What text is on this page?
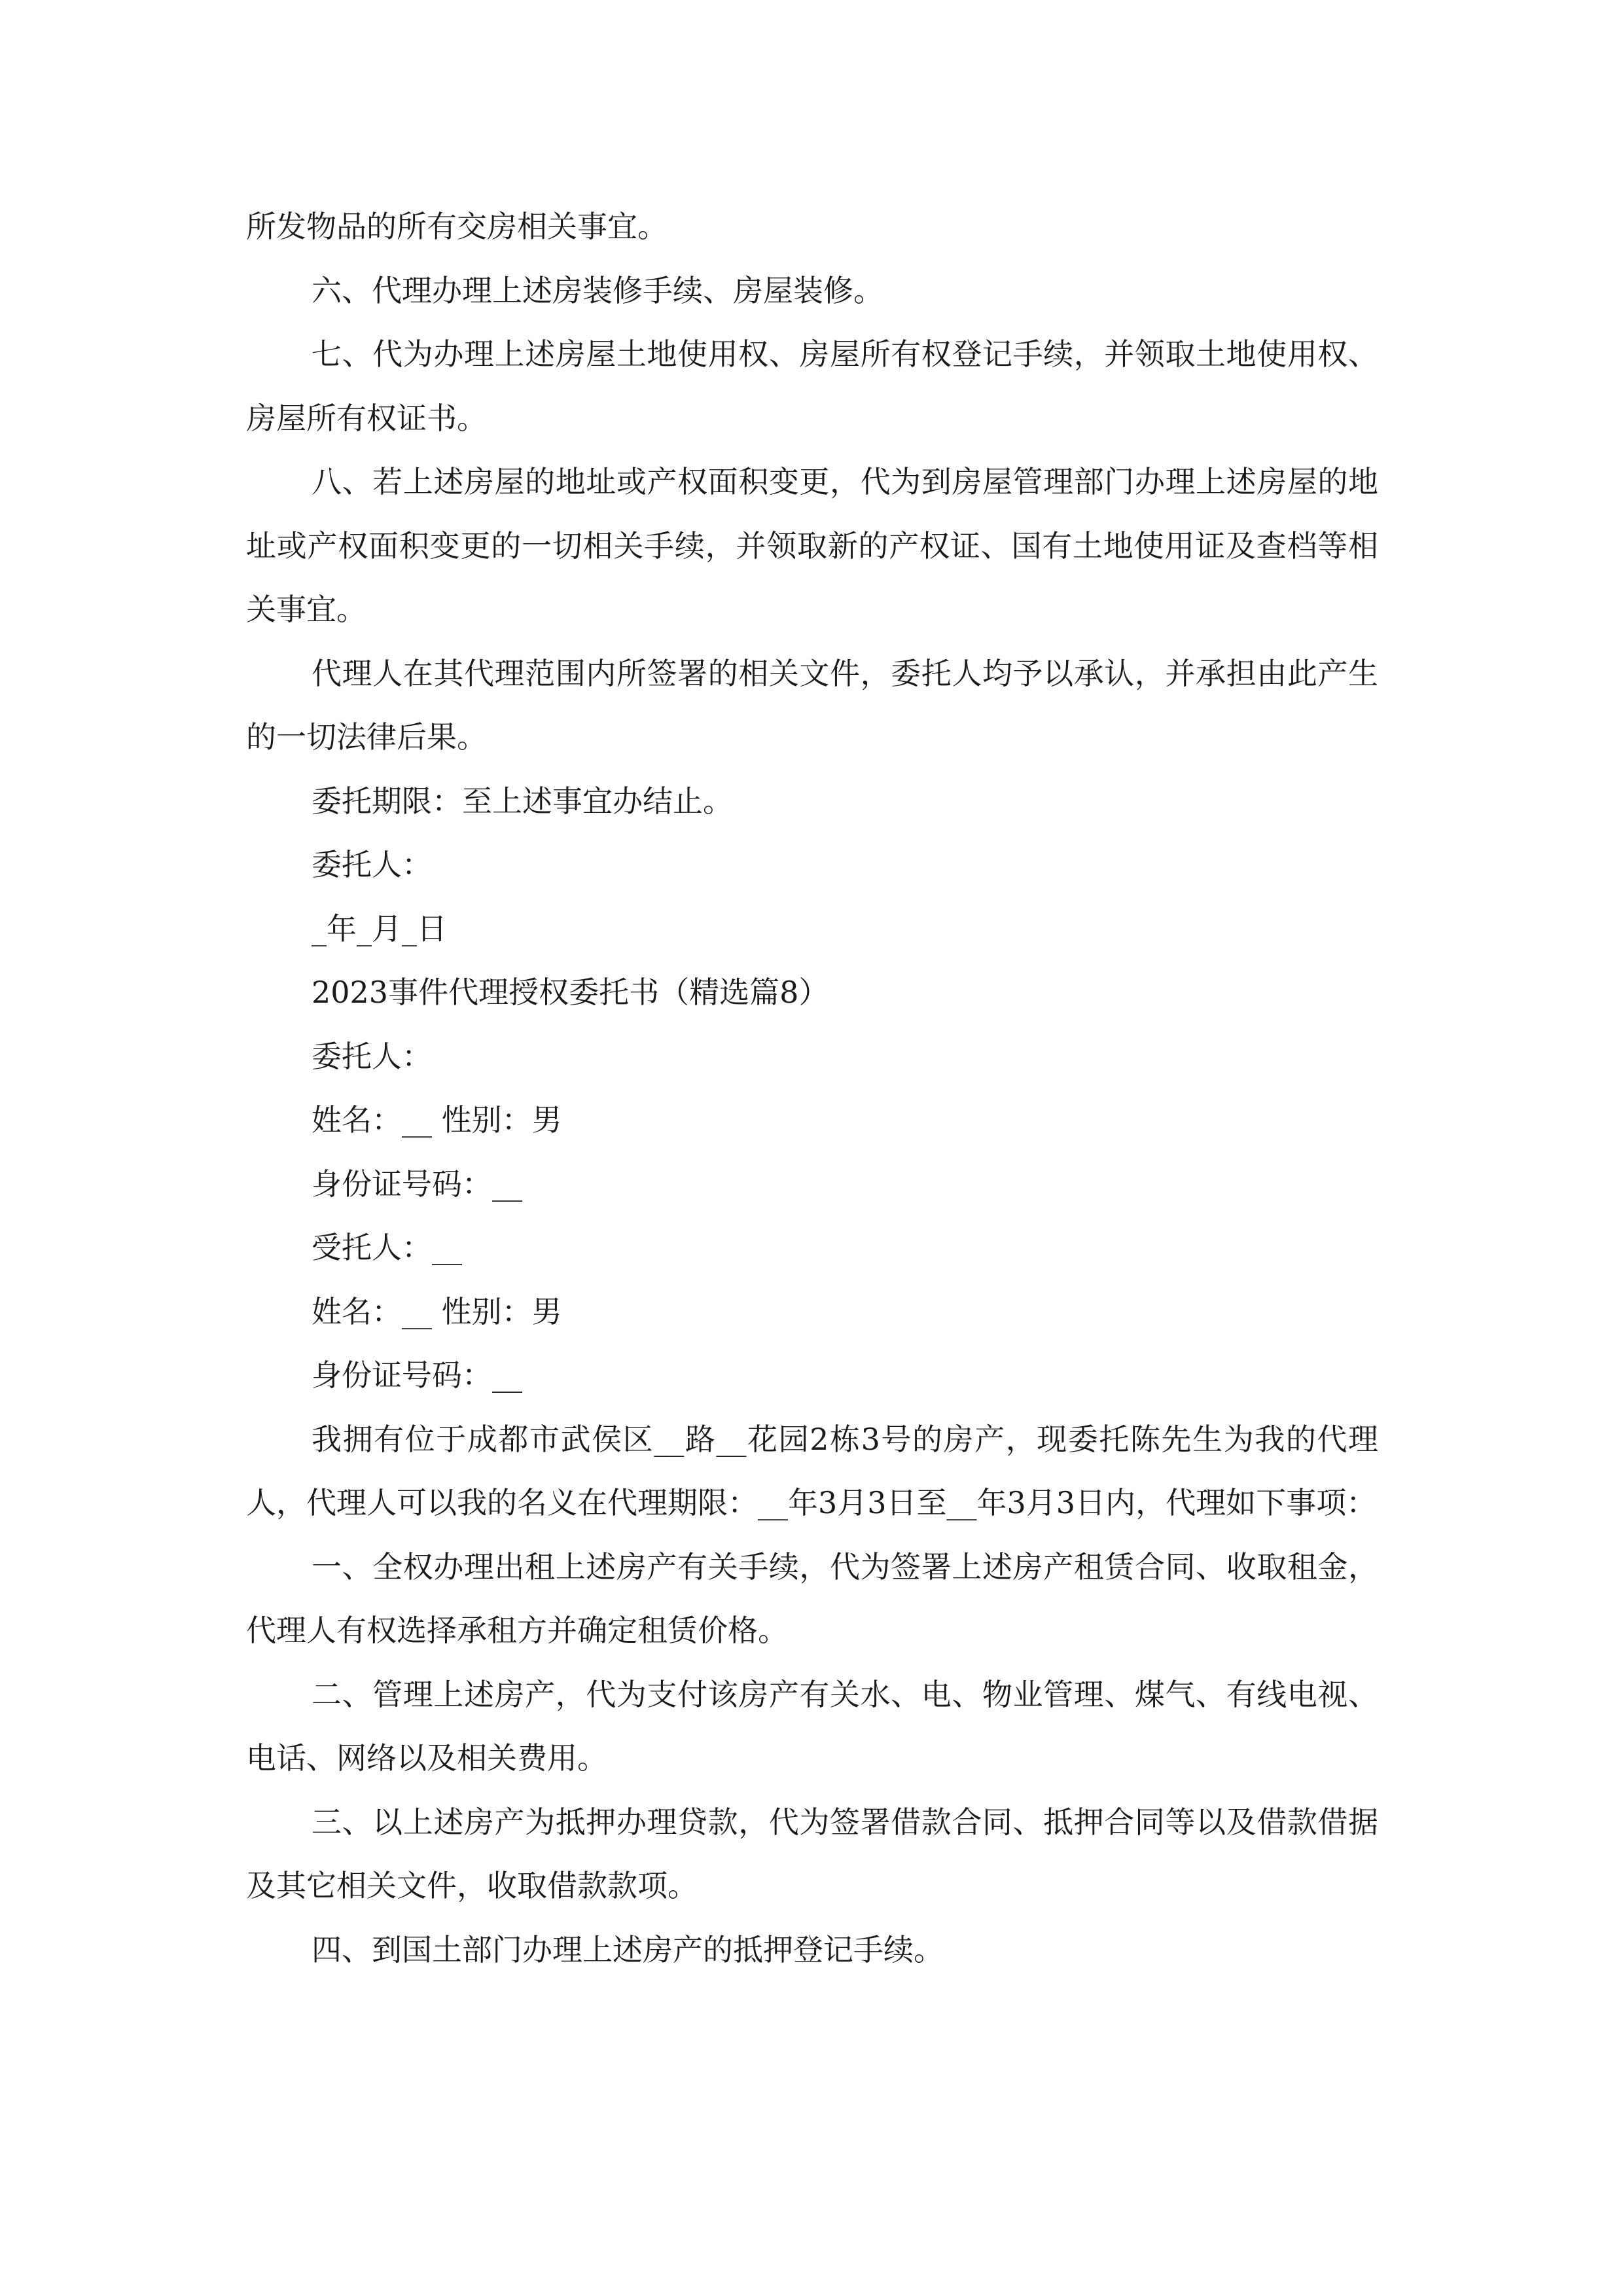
所发物品的所有交房相关事宜。

六、代理办理上述房装修手续、房屋装修。

七、代为办理上述房屋土地使用权、房屋所有权登记手续，并领取土地使用权、房屋所有权证书。

八、若上述房屋的地址或产权面积变更，代为到房屋管理部门办理上述房屋的地址或产权面积变更的一切相关手续，并领取新的产权证、国有土地使用证及查档等相关事宜。

代理人在其代理范围内所签署的相关文件，委托人均予以承认，并承担由此产生的一切法律后果。

委托期限：至上述事宜办结止。

委托人：

_年_月_日

2023事件代理授权委托书（精选篇8）

委托人：

姓名：__ 性别：男

身份证号码：__

受托人：__

姓名：__ 性别：男

身份证号码：__

我拥有位于成都市武侯区__路__花园2栋3号的房产，现委托陈先生为我的代理人，代理人可以我的名义在代理期限：__年3月3日至__年3月3日内，代理如下事项：

一、全权办理出租上述房产有关手续，代为签署上述房产租赁合同、收取租金，代理人有权选择承租方并确定租赁价格。

二、管理上述房产，代为支付该房产有关水、电、物业管理、煤气、有线电视、电话、网络以及相关费用。

三、以上述房产为抵押办理贷款，代为签署借款合同、抵押合同等以及借款借据及其它相关文件，收取借款款项。

四、到国土部门办理上述房产的抵押登记手续。
